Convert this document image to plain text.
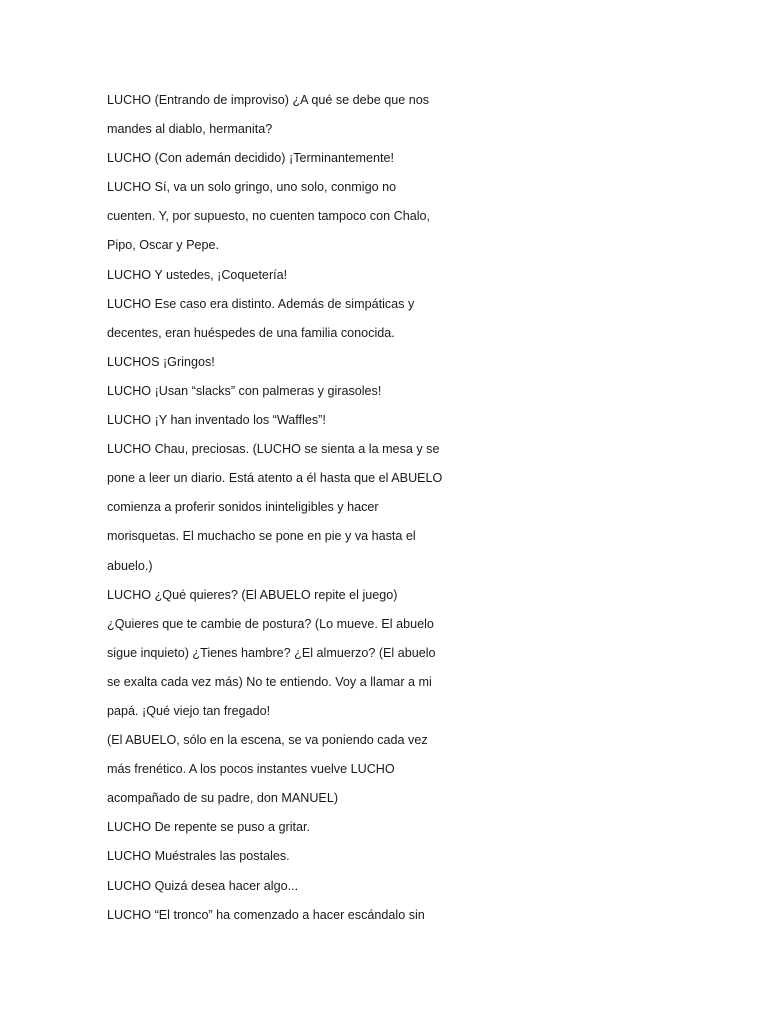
LUCHO (Entrando de improviso) ¿A qué se debe que nos

mandes al diablo, hermanita?

LUCHO (Con ademán decidido) ¡Terminantemente!

LUCHO Sí, va un solo gringo, uno solo, conmigo no

cuenten. Y, por supuesto, no cuenten tampoco con Chalo,

Pipo, Oscar y Pepe.

LUCHO Y ustedes, ¡Coquetería!

LUCHO Ese caso era distinto. Además de simpáticas y

decentes, eran huéspedes de una familia conocida.

LUCHOS ¡Gringos!

LUCHO ¡Usan “slacks” con palmeras y girasoles!

LUCHO ¡Y han inventado los “Waffles”!

LUCHO Chau, preciosas. (LUCHO se sienta a la mesa y se

pone a leer un diario. Está atento a él hasta que el ABUELO

comienza a proferir sonidos ininteligibles y hacer

morisquetas. El muchacho se pone en pie y va hasta el

abuelo.)

LUCHO ¿Qué quieres? (El ABUELO repite el juego)

¿Quieres que te cambie de postura? (Lo mueve. El abuelo

sigue inquieto) ¿Tienes hambre? ¿El almuerzo? (El abuelo

se exalta cada vez más) No te entiendo. Voy a llamar a mi

papá. ¡Qué viejo tan fregado!

(El ABUELO, sólo en la escena, se va poniendo cada vez

más frenético. A los pocos instantes vuelve LUCHO

acompañado de su padre, don MANUEL)

LUCHO De repente se puso a gritar.

LUCHO Muéstrales las postales.

LUCHO Quizá desea hacer algo...

LUCHO “El tronco” ha comenzado a hacer escándalo sin
